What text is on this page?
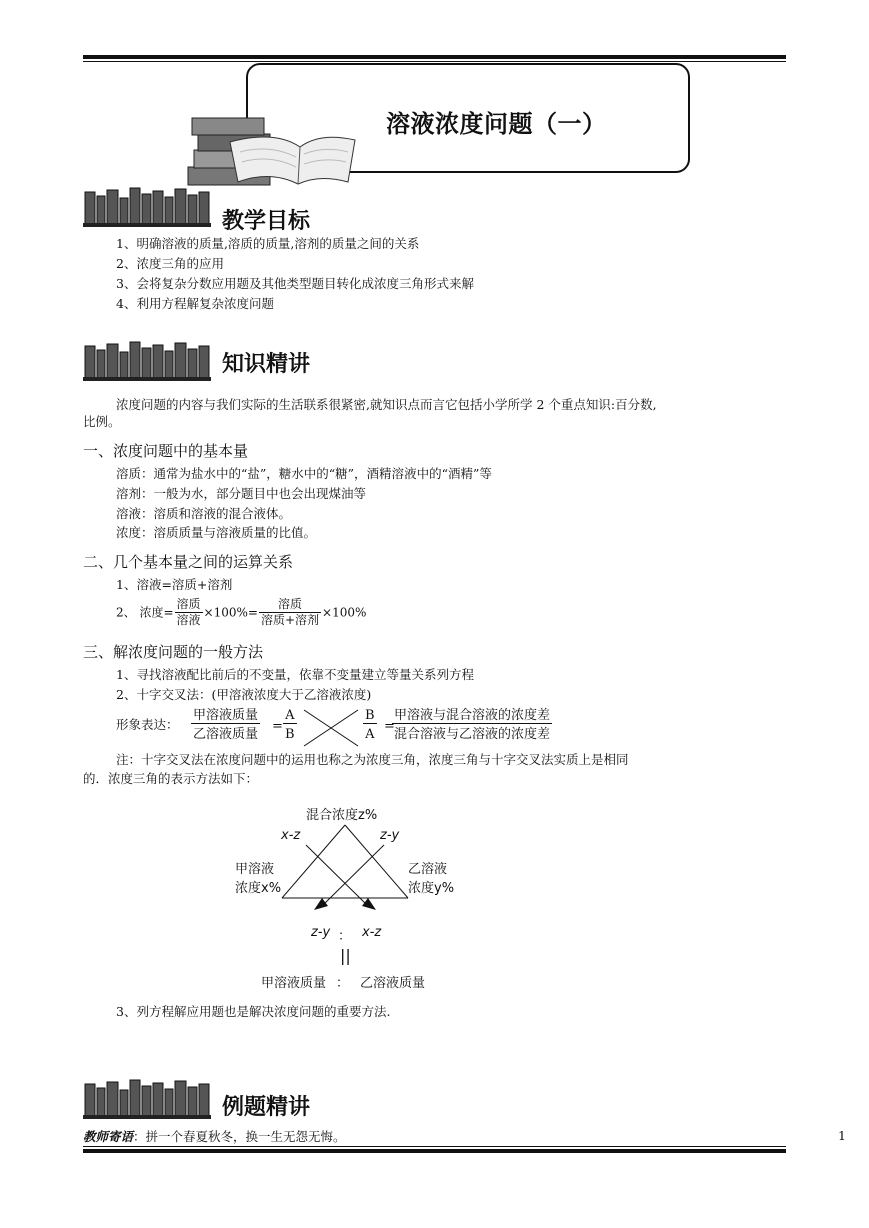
溶液浓度问题（一）
教学目标
1、明确溶液的质量,溶质的质量,溶剂的质量之间的关系
2、浓度三角的应用
3、会将复杂分数应用题及其他类型题目转化成浓度三角形式来解
4、利用方程解复杂浓度问题
知识精讲
浓度问题的内容与我们实际的生活联系很紧密,就知识点而言它包括小学所学 2 个重点知识:百分数,
比例。
一、浓度问题中的基本量
溶质：通常为盐水中的“盐”，糖水中的“糖”，酒精溶液中的“酒精”等
溶剂：一般为水，部分题目中也会出现煤油等
溶液：溶质和溶液的混合液体。
浓度：溶质质量与溶液质量的比值。
二、几个基本量之间的运算关系
1、溶液=溶质+溶剂
2、 浓度= $\frac{\text{溶质}}{\text{溶液}} \times 100\%= \frac{\text{溶质}}{\text{溶质+溶剂}} \times 100\%$
三、解浓度问题的一般方法
1、寻找溶液配比前后的不变量，依靠不变量建立等量关系列方程
2、十字交叉法：(甲溶液浓度大于乙溶液浓度)
形象表达： $\frac{\text{甲溶液质量}}{\text{乙溶液质量}} = \frac{A}{B}$	$\frac{B}{A}$ =
$\frac{\text{甲溶液与混合溶液的浓度差}}{\text{混合溶液与乙溶液的浓度差}}$
注：十字交叉法在浓度问题中的运用也称之为浓度三角，浓度三角与十字交叉法实质上是相同
的．浓度三角的表示方法如下：
混合浓度z%
x-z	z-y
甲溶液
浓度x%
乙溶液
浓度y%
z-y ： x-z
||
甲溶液质量 ： 乙溶液质量
3、列方程解应用题也是解决浓度问题的重要方法.
例题精讲
教师寄语：拼一个春夏秋冬，换一生无怨无悔。	1
